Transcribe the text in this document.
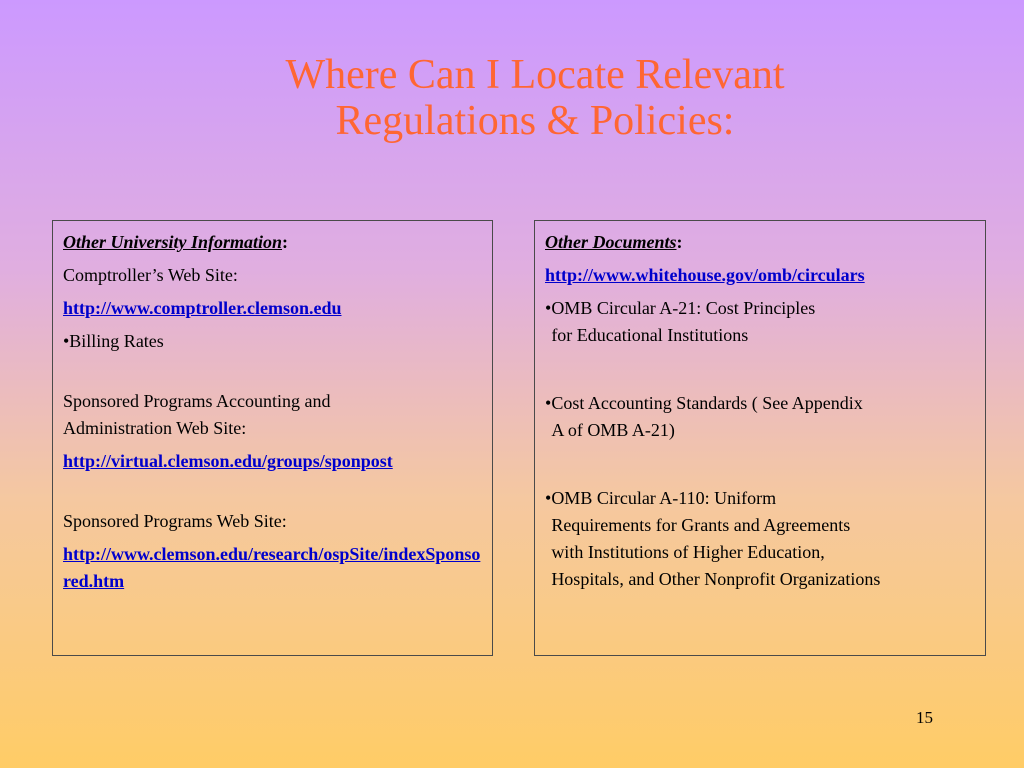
Where Can I Locate Relevant
Regulations & Policies:

Other University Information:

Comptroller’s Web Site:

http://www.comptroller.clemson.edu

•Billing Rates

Sponsored Programs Accounting and
Administration Web Site:

http://virtual.clemson.edu/groups/sponpost

Sponsored Programs Web Site:

http://www.clemson.edu/research/ospSite/indexSponsored.htm

Other Documents:

http://www.whitehouse.gov/omb/circulars

• OMB Circular A-21: Cost Principles
for Educational Institutions
• Cost Accounting Standards ( See Appendix
A of OMB A-21)
• OMB Circular A-110: Uniform
Requirements for Grants and Agreements
with Institutions of Higher Education,
Hospitals, and Other Nonprofit Organizations
15
